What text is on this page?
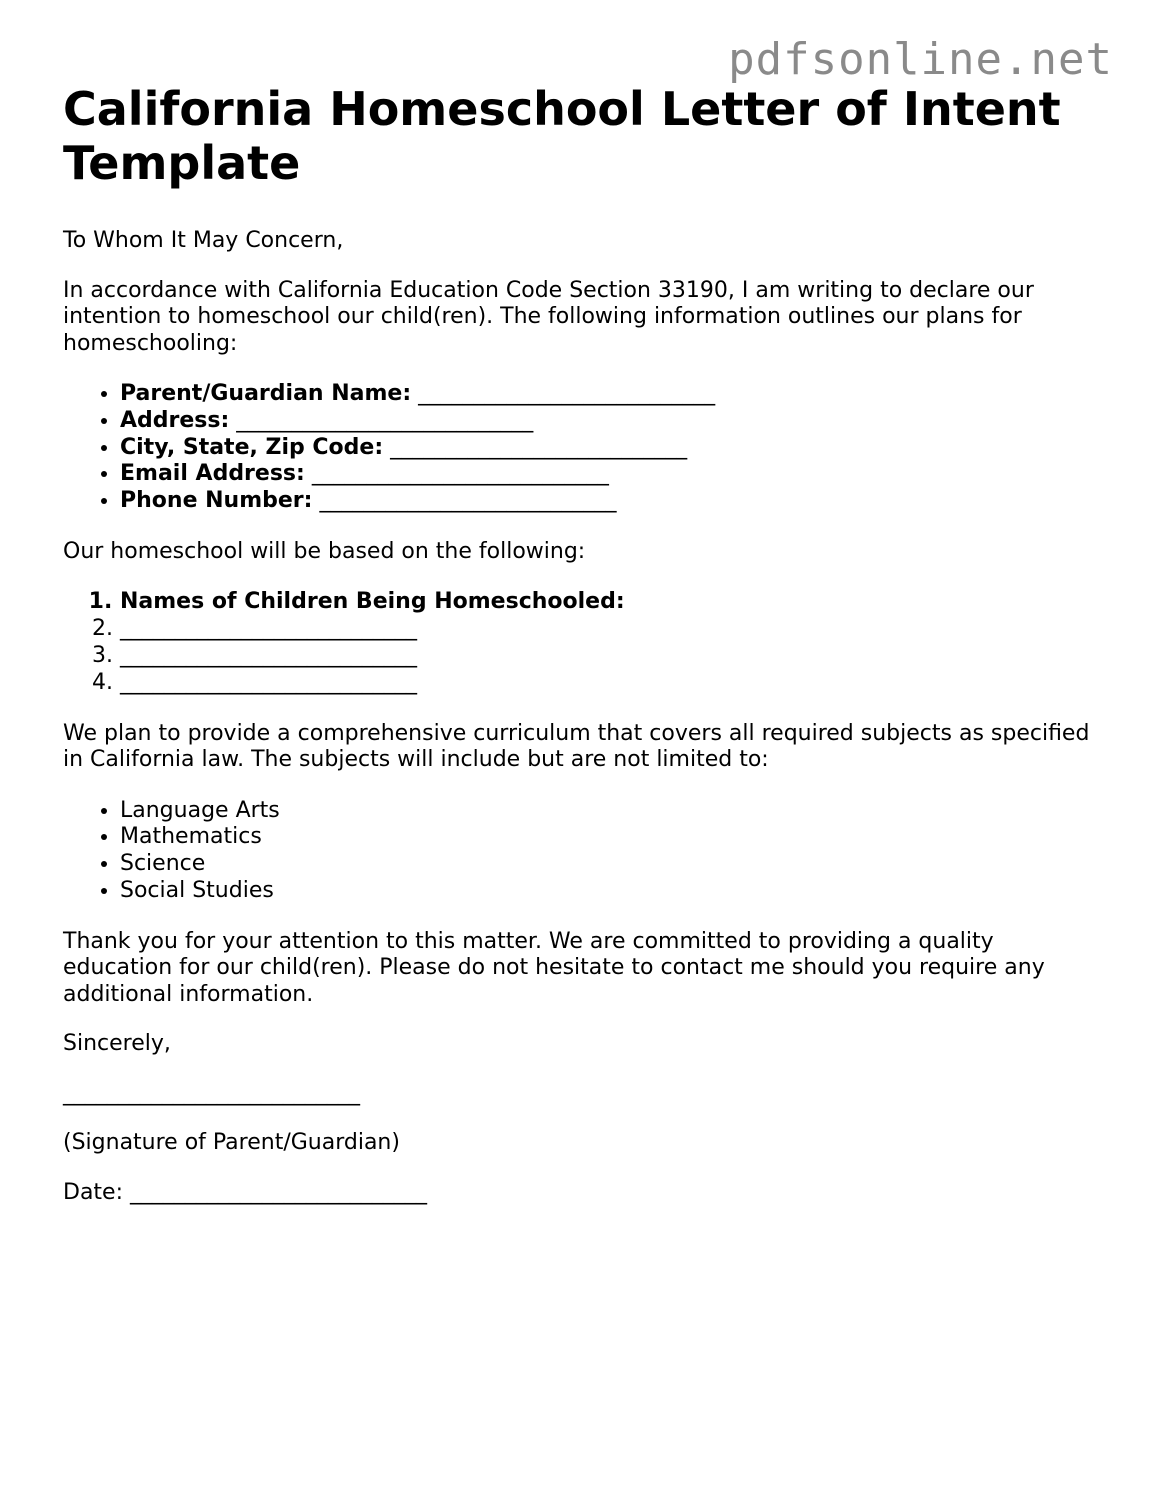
pdfsonline.net
California Homeschool Letter of Intent Template

To Whom It May Concern,

In accordance with California Education Code Section 33190, I am writing to declare our intention to homeschool our child(ren). The following information outlines our plans for homeschooling:

• Parent/Guardian Name: ___________________________
• Address: ___________________________
• City, State, Zip Code: ___________________________
• Email Address: ___________________________
• Phone Number: ___________________________

Our homeschool will be based on the following:

1. Names of Children Being Homeschooled:
2. ___________________________
3. ___________________________
4. ___________________________

We plan to provide a comprehensive curriculum that covers all required subjects as specified in California law. The subjects will include but are not limited to:

• Language Arts
• Mathematics
• Science
• Social Studies

Thank you for your attention to this matter. We are committed to providing a quality education for our child(ren). Please do not hesitate to contact me should you require any additional information.

Sincerely,

___________________________

(Signature of Parent/Guardian)

Date: ___________________________
